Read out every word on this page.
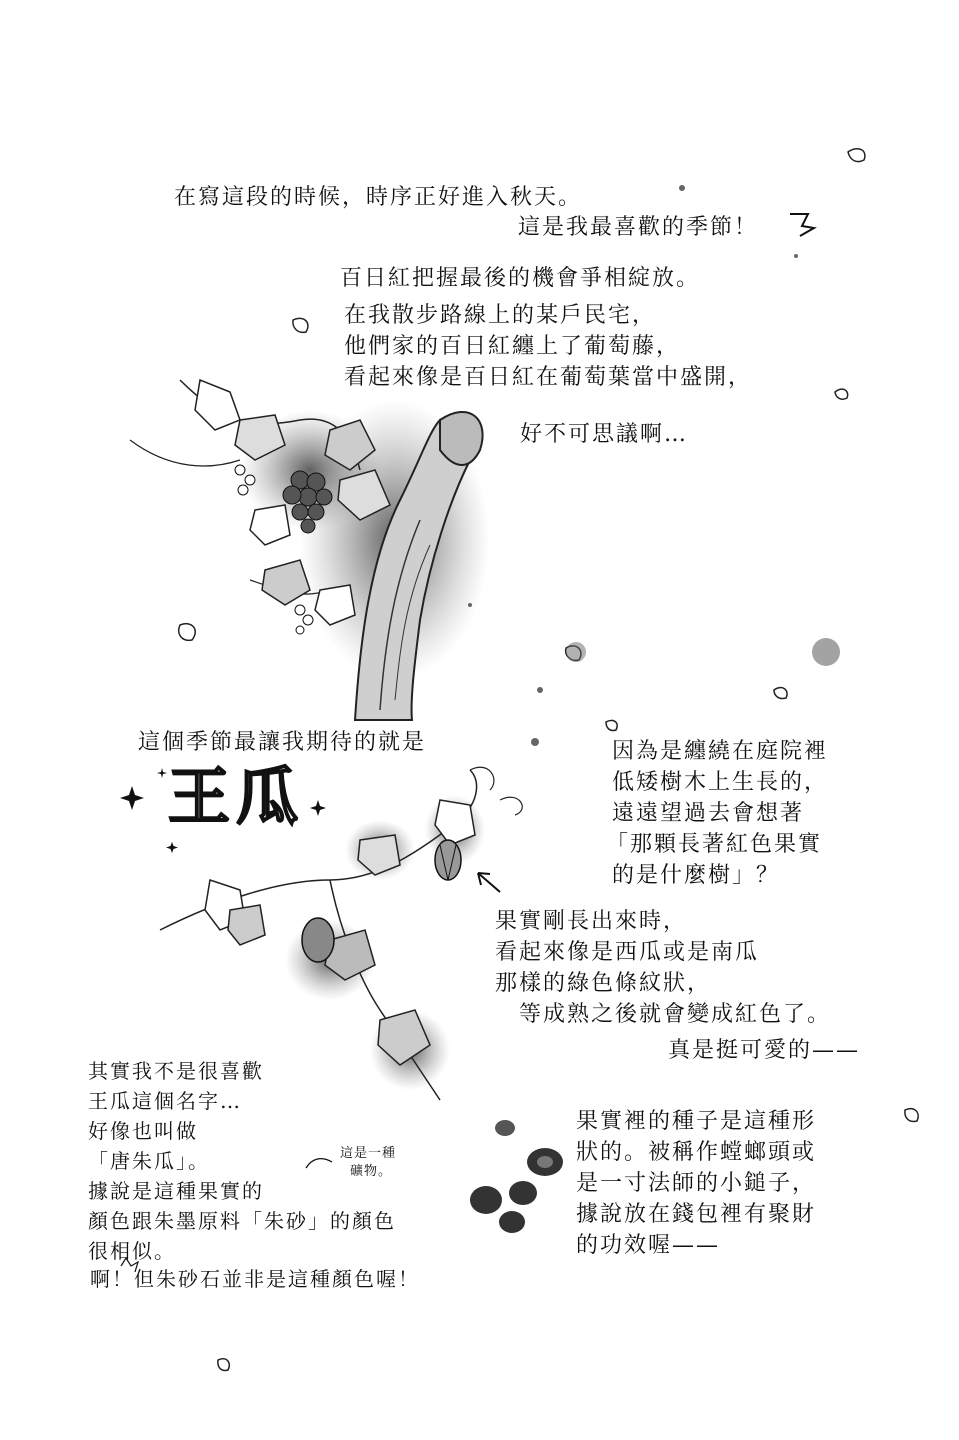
在寫這段的時候，時序正好進入秋天。
這是我最喜歡的季節！
百日紅把握最後的機會爭相綻放。
在我散步路線上的某戶民宅，
他們家的百日紅纏上了葡萄藤，
看起來像是百日紅在葡萄葉當中盛開，
好不可思議啊…
這個季節最讓我期待的就是
王瓜
因為是纏繞在庭院裡
低矮樹木上生長的，
遠遠望過去會想著
「那顆長著紅色果實
的是什麼樹」？
果實剛長出來時，
看起來像是西瓜或是南瓜
那樣的綠色條紋狀，
　等成熟之後就會變成紅色了。
真是挺可愛的——
其實我不是很喜歡
王瓜這個名字…
好像也叫做
「唐朱瓜」。
據說是這種果實的
顏色跟朱墨原料「朱砂」的顏色
很相似。
這是一種
礦物。
啊！但朱砂石並非是這種顏色喔！
果實裡的種子是這種形
狀的。被稱作螳螂頭或
是一寸法師的小鎚子，
據說放在錢包裡有聚財
的功效喔——
